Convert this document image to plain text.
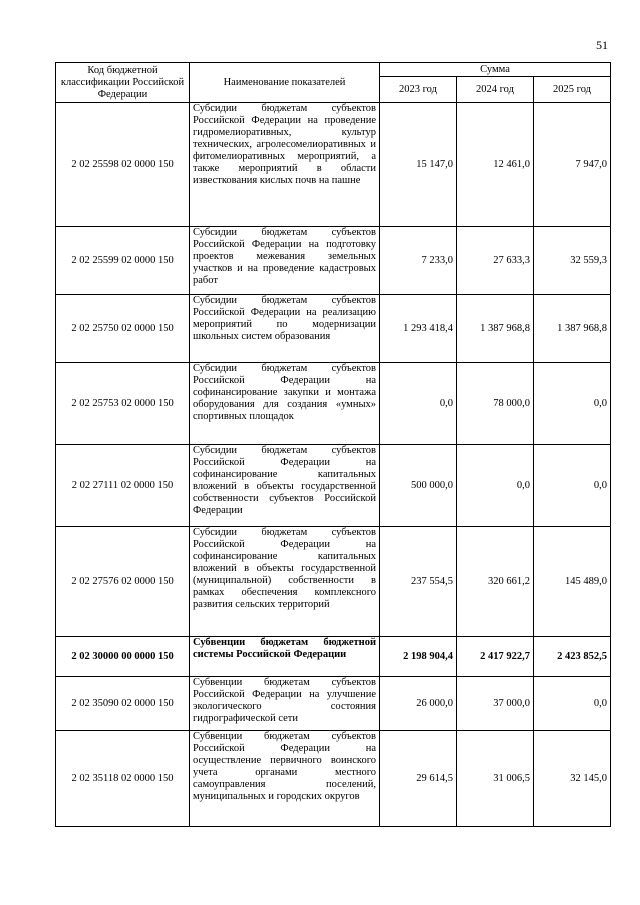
51
Код бюджетной классификации Российской Федерации	Наименование показателей	Сумма		
		2023 год	2024 год	2025 год
2 02 25598 02 0000 150	Субсидии бюджетам субъектов Российской Федерации на проведение гидромелиоративных, культур технических, агролесомелиоративных и фитомелиоративных мероприятий, а также мероприятий в области известкования кислых почв на пашне	15 147,0	12 461,0	7 947,0
2 02 25599 02 0000 150	Субсидии бюджетам субъектов Российской Федерации на подготовку проектов межевания земельных участков и на проведение кадастровых работ	7 233,0	27 633,3	32 559,3
2 02 25750 02 0000 150	Субсидии бюджетам субъектов Российской Федерации на реализацию мероприятий по модернизации школьных систем образования	1 293 418,4	1 387 968,8	1 387 968,8
2 02 25753 02 0000 150	Субсидии бюджетам субъектов Российской Федерации на софинансирование закупки и монтажа оборудования для создания «умных» спортивных площадок	0,0	78 000,0	0,0
2 02 27111 02 0000 150	Субсидии бюджетам субъектов Российской Федерации на софинансирование капитальных вложений в объекты государственной собственности субъектов Российской Федерации	500 000,0	0,0	0,0
2 02 27576 02 0000 150	Субсидии бюджетам субъектов Российской Федерации на софинансирование капитальных вложений в объекты государственной (муниципальной) собственности в рамках обеспечения комплексного развития сельских территорий	237 554,5	320 661,2	145 489,0
2 02 30000 00 0000 150	Субвенции бюджетам бюджетной системы Российской Федерации	2 198 904,4	2 417 922,7	2 423 852,5
2 02 35090 02 0000 150	Субвенции бюджетам субъектов Российской Федерации на улучшение экологического состояния гидрографической сети	26 000,0	37 000,0	0,0
2 02 35118 02 0000 150	Субвенции бюджетам субъектов Российской Федерации на осуществление первичного воинского учета органами местного самоуправления поселений, муниципальных и городских округов	29 614,5	31 006,5	32 145,0
